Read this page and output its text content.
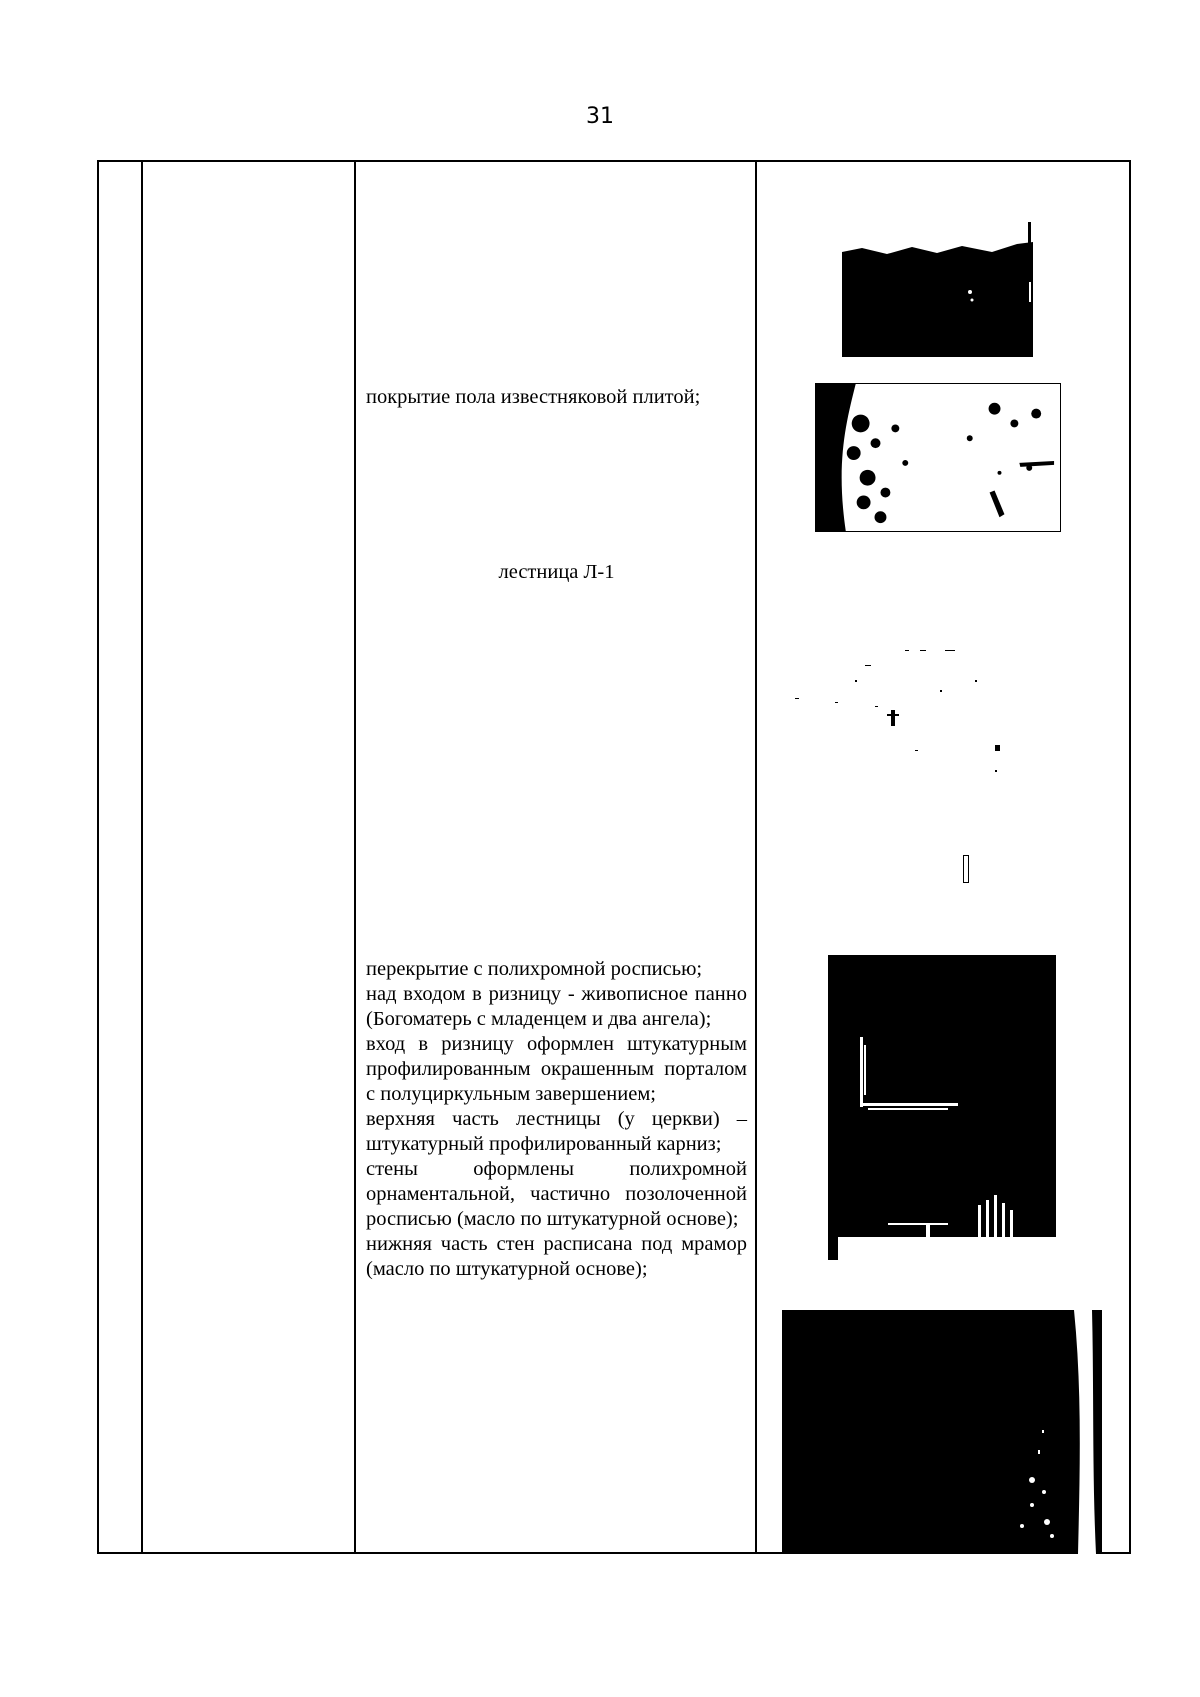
31
покрытие пола известняковой плитой;
лестница Л-1
перекрытие с полихромной росписью;
над входом в ризницу - живописное панно (Богоматерь с младенцем и два ангела);
вход в ризницу оформлен штукатурным профилированным окрашенным порталом с полуциркульным завершением;
верхняя часть лестницы (у церкви) – штукатурный профилированный карниз;
стены оформлены полихромной орнаментальной, частично позолоченной росписью (масло по штукатурной основе);
нижняя часть стен расписана под мрамор (масло по штукатурной основе);
